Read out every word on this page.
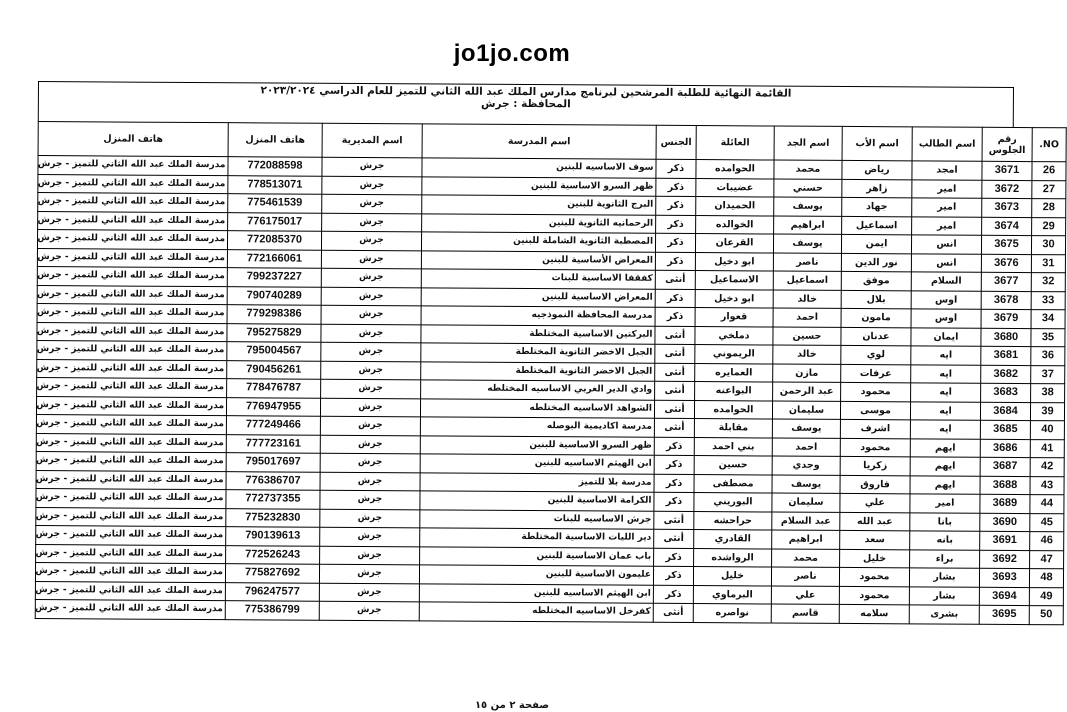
jo1jo.com
القائمة النهائية للطلبة المرشحين لبرنامج مدارس الملك عبد الله الثاني للتميز للعام الدراسي ٢٠٢٣/٢٠٢٤
المحافظة : جرش
NO.	رقم الجلوس	اسم الطالب	اسم الأب	اسم الجد	العائلة	الجنس	اسم المدرسة	اسم المديرية	هاتف المنزل	هاتف المنزل
26	3671	امجد	رياض	محمد	الحوامده	ذكر	سوف الاساسيه للبنين	جرش	772088598	مدرسة الملك عبد الله الثاني للتميز - جرش
27	3672	امير	زاهر	حسني	عضيبات	ذكر	ظهر السرو الاساسية للبنين	جرش	778513071	مدرسة الملك عبد الله الثاني للتميز - جرش
28	3673	امير	جهاد	يوسف	الحميدان	ذكر	البرج الثانوية للبنين	جرش	775461539	مدرسة الملك عبد الله الثاني للتميز - جرش
29	3674	امير	اسماعيل	ابراهيم	الخوالده	ذكر	الرحمانيه الثانوية للبنين	جرش	776175017	مدرسة الملك عبد الله الثاني للتميز - جرش
30	3675	انس	ايمن	يوسف	القرعان	ذكر	المصطبة الثانوية الشاملة للبنين	جرش	772085370	مدرسة الملك عبد الله الثاني للتميز - جرش
31	3676	انس	نور الدين	ناصر	ابو دخيل	ذكر	المعراض الأساسية للبنين	جرش	772166061	مدرسة الملك عبد الله الثاني للتميز - جرش
32	3677	السلام	موفق	اسماعيل	الاسماعيل	أنثى	كفقفا الاساسية للبنات	جرش	799237227	مدرسة الملك عبد الله الثاني للتميز - جرش
33	3678	اوس	بلال	خالد	ابو دخيل	ذكر	المعراض الاساسية للبنين	جرش	790740289	مدرسة الملك عبد الله الثاني للتميز - جرش
34	3679	اوس	مامون	احمد	قعوار	ذكر	مدرسة المحافظة النموذجيه	جرش	779298386	مدرسة الملك عبد الله الثاني للتميز - جرش
35	3680	ايمان	عدنان	حسين	دملخي	أنثى	البركتين الاساسية المختلطة	جرش	795275829	مدرسة الملك عبد الله الثاني للتميز - جرش
36	3681	ايه	لوي	خالد	الريموني	أنثى	الجبل الاخضر الثانوية المختلطة	جرش	795004567	مدرسة الملك عبد الله الثاني للتميز - جرش
37	3682	ايه	عرفات	مازن	العمايره	أنثى	الجبل الاخضر الثانوية المختلطة	جرش	790456261	مدرسة الملك عبد الله الثاني للتميز - جرش
38	3683	ايه	محمود	عبد الرحمن	البواعنه	أنثى	وادي الدير الغربي الاساسيه المختلطه	جرش	778476787	مدرسة الملك عبد الله الثاني للتميز - جرش
39	3684	ايه	موسى	سليمان	الحوامده	أنثى	الشواهد الاساسيه المختلطه	جرش	776947955	مدرسة الملك عبد الله الثاني للتميز - جرش
40	3685	ايه	اشرف	يوسف	مقابلة	أنثى	مدرسة اكاديمية البوصله	جرش	777249466	مدرسة الملك عبد الله الثاني للتميز - جرش
41	3686	ايهم	محمود	احمد	بني احمد	ذكر	ظهر السرو الاساسية للبنين	جرش	777723161	مدرسة الملك عبد الله الثاني للتميز - جرش
42	3687	ايهم	زكريا	وجدي	حسين	ذكر	ابن الهيثم الاساسيه للبنين	جرش	795017697	مدرسة الملك عبد الله الثاني للتميز - جرش
43	3688	ايهم	فاروق	يوسف	مصطفى	ذكر	مدرسة بلا للتميز	جرش	776386707	مدرسة الملك عبد الله الثاني للتميز - جرش
44	3689	امير	علي	سليمان	البوريني	ذكر	الكرامة الاساسية للبنين	جرش	772737355	مدرسة الملك عبد الله الثاني للتميز - جرش
45	3690	بانا	عبد الله	عبد السلام	حراحشه	أنثى	جرش الاساسيه للبنات	جرش	775232830	مدرسة الملك عبد الله الثاني للتميز - جرش
46	3691	بانه	سعد	ابراهيم	القادري	أنثى	دير الليات الاساسية المختلطة	جرش	790139613	مدرسة الملك عبد الله الثاني للتميز - جرش
47	3692	براء	خليل	محمد	الرواشده	ذكر	باب عمان الاساسية للبنين	جرش	772526243	مدرسة الملك عبد الله الثاني للتميز - جرش
48	3693	بشار	محمود	ناصر	خليل	ذكر	عليمون الاساسية للبنين	جرش	775827692	مدرسة الملك عبد الله الثاني للتميز - جرش
49	3694	بشار	محمود	علي	البرماوي	ذكر	ابن الهيثم الاساسيه للبنين	جرش	796247577	مدرسة الملك عبد الله الثاني للتميز - جرش
50	3695	بشرى	سلامه	قاسم	نواصره	أنثى	كفرخل الاساسيه المختلطه	جرش	775386799	مدرسة الملك عبد الله الثاني للتميز - جرش
صفحة ٢ من ١٥
